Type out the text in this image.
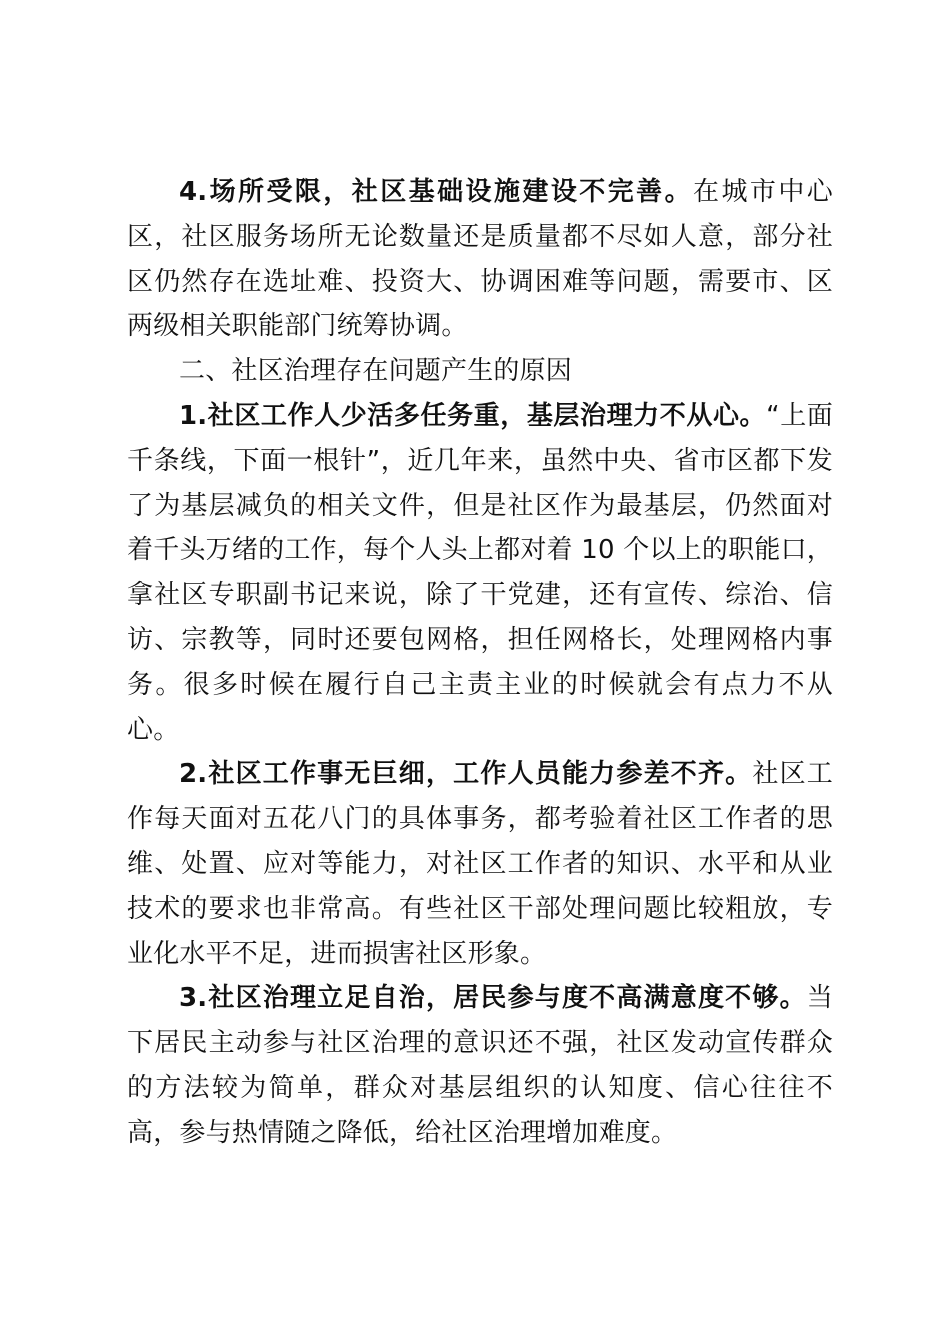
4.场所受限，社区基础设施建设不完善。在城市中心区，社区服务场所无论数量还是质量都不尽如人意，部分社区仍然存在选址难、投资大、协调困难等问题，需要市、区两级相关职能部门统筹协调。

二、社区治理存在问题产生的原因

1.社区工作人少活多任务重，基层治理力不从心。“上面千条线，下面一根针”，近几年来，虽然中央、省市区都下发了为基层减负的相关文件，但是社区作为最基层，仍然面对着千头万绪的工作，每个人头上都对着 10 个以上的职能口，拿社区专职副书记来说，除了干党建，还有宣传、综治、信访、宗教等，同时还要包网格，担任网格长，处理网格内事务。很多时候在履行自己主责主业的时候就会有点力不从心。

2.社区工作事无巨细，工作人员能力参差不齐。社区工作每天面对五花八门的具体事务，都考验着社区工作者的思维、处置、应对等能力，对社区工作者的知识、水平和从业技术的要求也非常高。有些社区干部处理问题比较粗放，专业化水平不足，进而损害社区形象。

3.社区治理立足自治，居民参与度不高满意度不够。当下居民主动参与社区治理的意识还不强，社区发动宣传群众的方法较为简单，群众对基层组织的认知度、信心往往不高，参与热情随之降低，给社区治理增加难度。
